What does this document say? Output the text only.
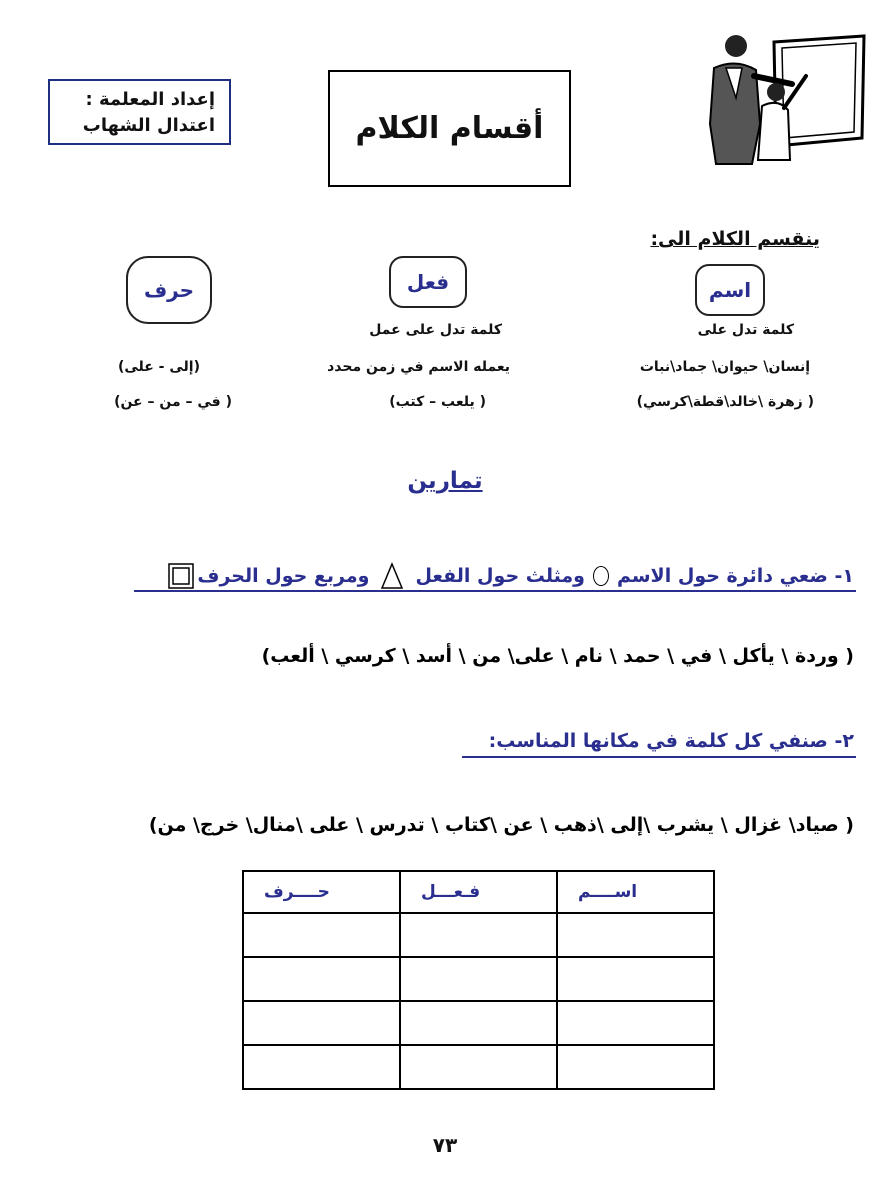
إعداد المعلمة :
اعتدال الشهاب	أقسام الكلام
ينقسم الكلام الى:
اسم
كلمة تدل على
إنسان\ حيوان\ جماد\نبات
( زهرة \خالد\قطة\كرسي)
فعل
كلمة تدل على عمل
يعمله الاسم في زمن محدد
( يلعب – كتب)
حرف
(إلى - على)
( في – من – عن)
تمارين
١- ضعي دائرة حول الاسم
ومثلث حول الفعل
ومربع حول الحرف
( وردة \ يأكل \ في \ حمد \ نام \ على\ من \ أسد \ كرسي \ ألعب)
٢- صنفي كل كلمة في مكانها المناسب:
( صياد\ غزال \ يشرب \إلى \ذهب \ عن \كتاب \ تدرس \ على \منال\ خرج\ من)
حــــرف	فـعـــل	اســــم

٧٣
